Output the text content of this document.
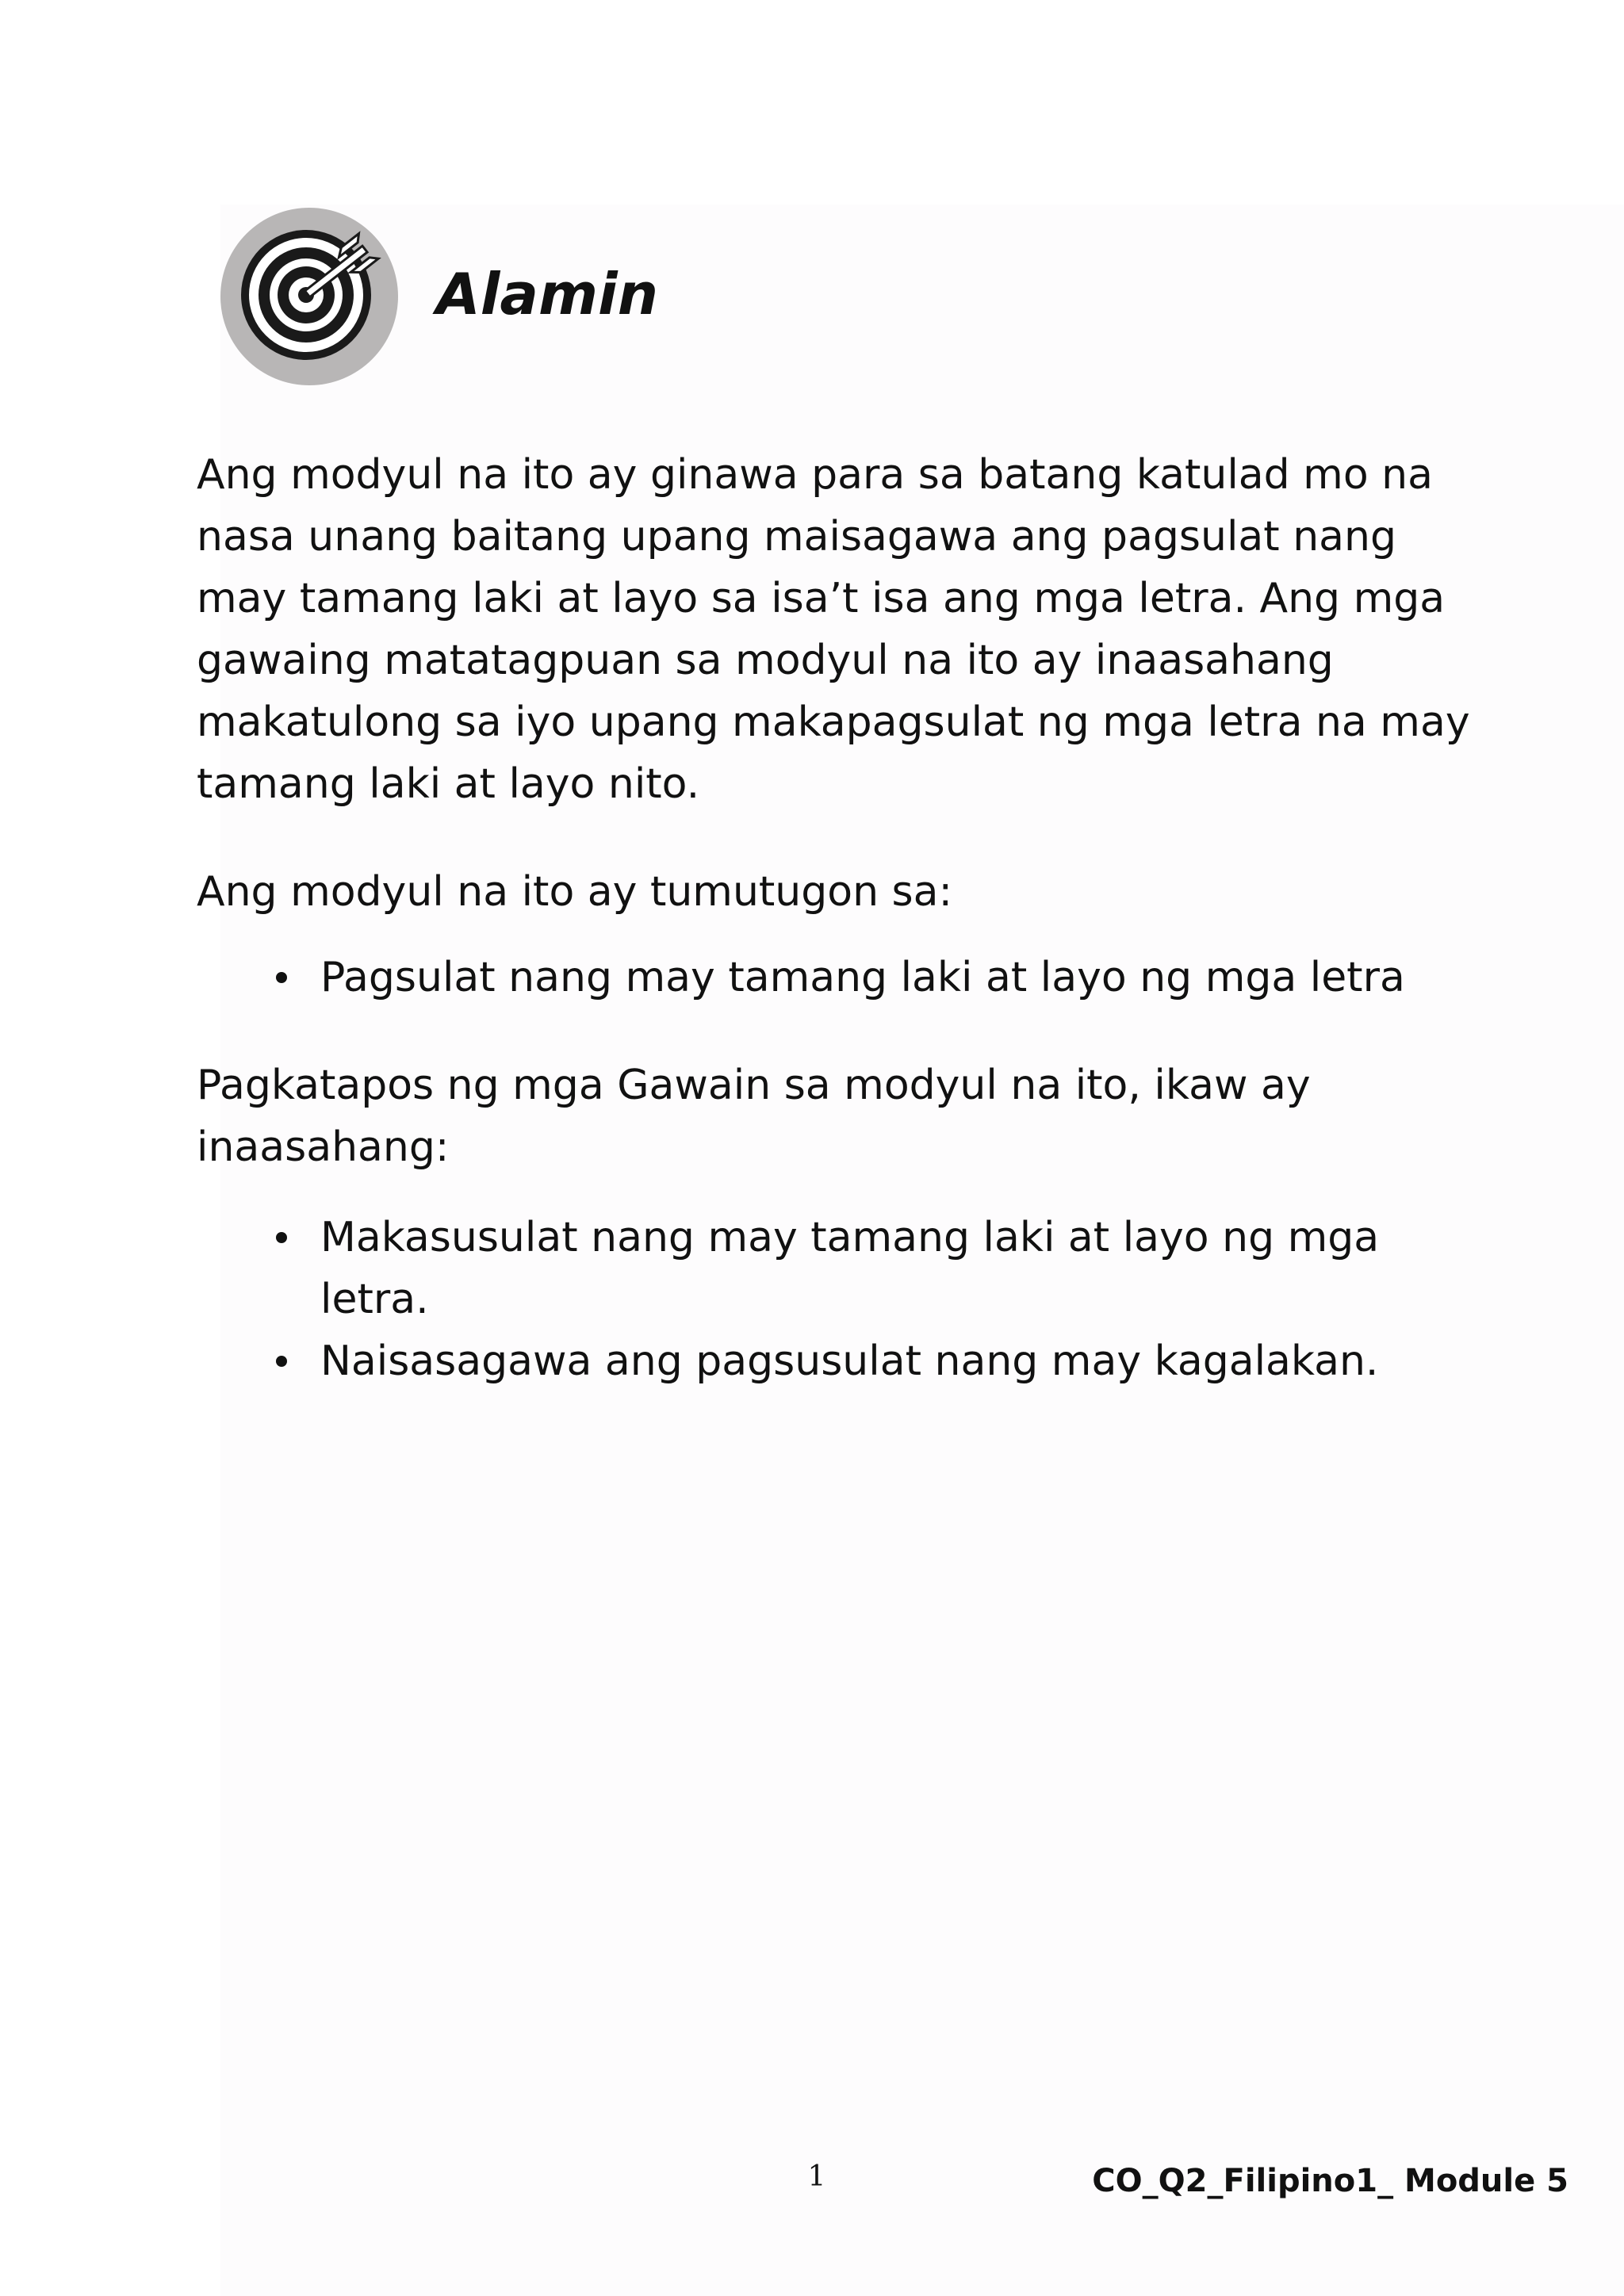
Alamin

Ang modyul na ito ay ginawa para sa batang katulad mo na nasa unang baitang upang maisagawa ang pagsulat nang may tamang laki at layo sa isa’t isa ang mga letra. Ang mga gawaing matatagpuan sa modyul na ito ay inaasahang makatulong sa iyo upang makapagsulat ng mga letra na may tamang laki at layo nito.

Ang modyul na ito ay tumutugon sa:

Pagsulat nang may tamang laki at layo ng mga letra

Pagkatapos ng mga Gawain sa modyul na ito, ikaw ay inaasahang:

Makasusulat nang may tamang laki at layo ng mga letra.
Naisasagawa ang pagsusulat nang may kagalakan.
1	CO_Q2_Filipino1_ Module 5
